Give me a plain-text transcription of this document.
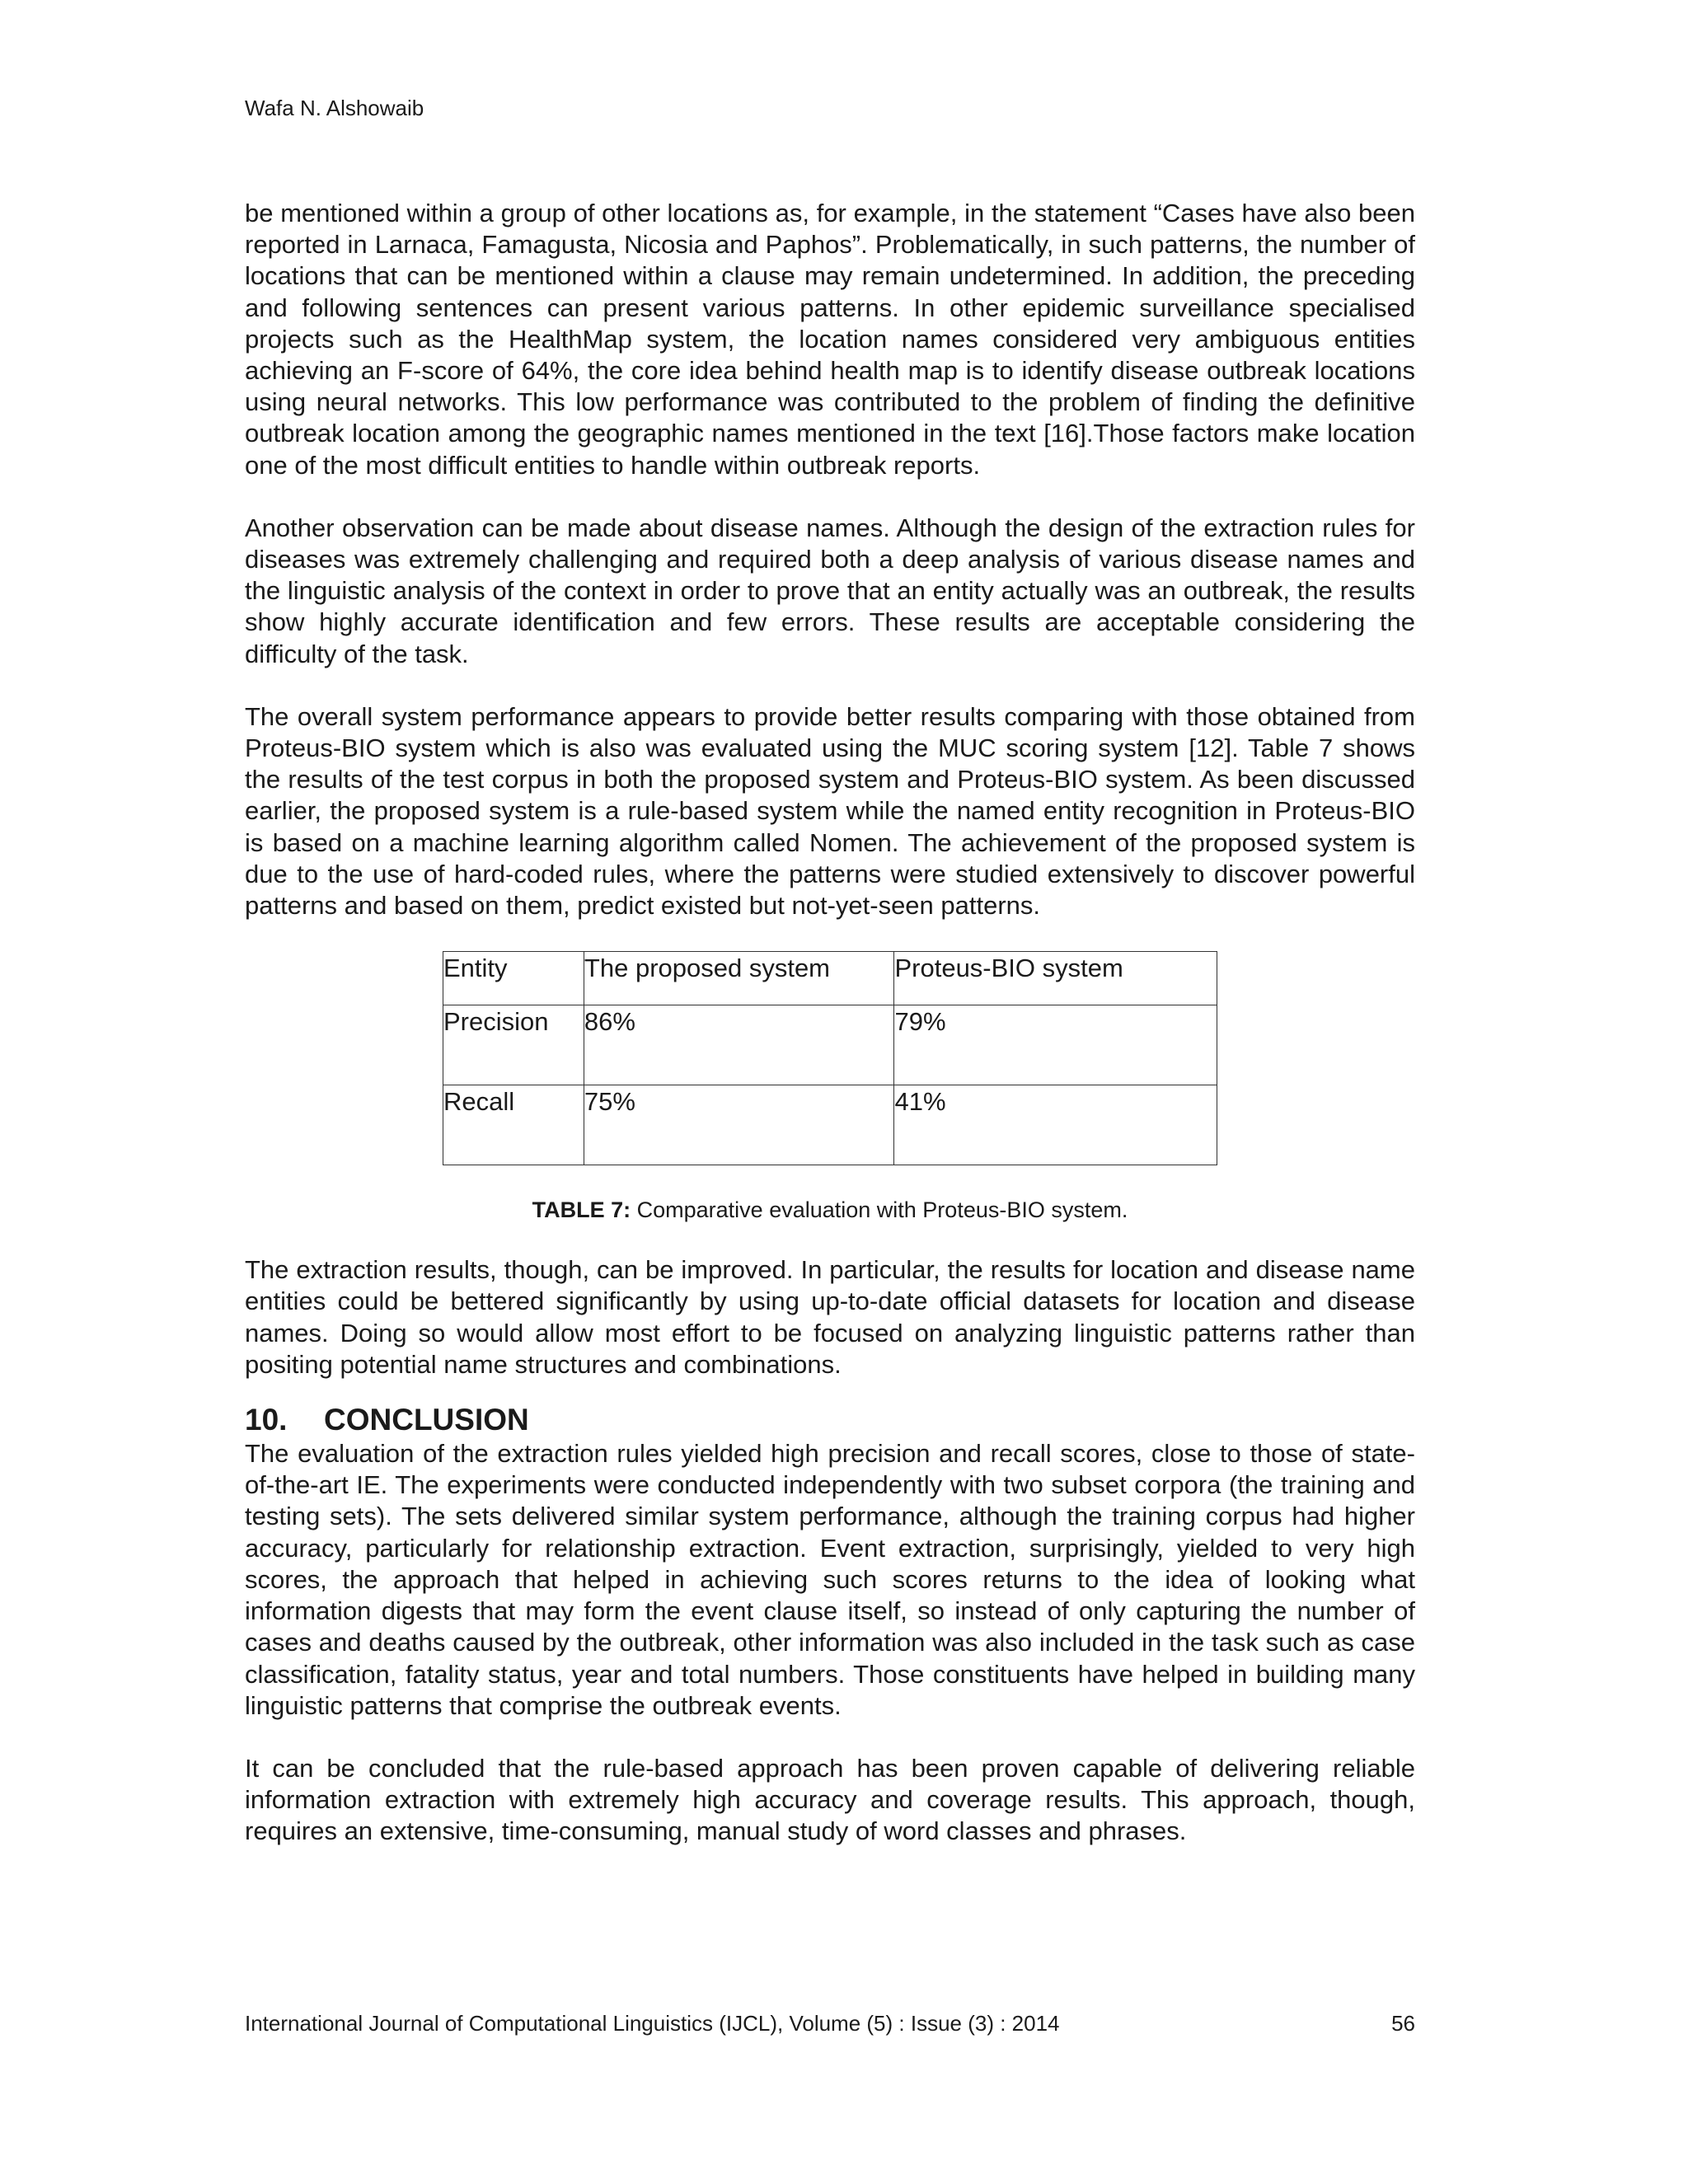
Wafa N. Alshowaib

be mentioned within a group of other locations as, for example, in the statement “Cases have also been reported in Larnaca, Famagusta, Nicosia and Paphos”. Problematically, in such patterns, the number of locations that can be mentioned within a clause may remain undetermined. In addition, the preceding and following sentences can present various patterns. In other epidemic surveillance specialised projects such as the HealthMap system, the location names considered very ambiguous entities achieving an F-score of 64%, the core idea behind health map is to identify disease outbreak locations using neural networks. This low performance was contributed to the problem of finding the definitive outbreak location among the geographic names mentioned in the text [16].Those factors make location one of the most difficult entities to handle within outbreak reports.

Another observation can be made about disease names. Although the design of the extraction rules for diseases was extremely challenging and required both a deep analysis of various disease names and the linguistic analysis of the context in order to prove that an entity actually was an outbreak, the results show highly accurate identification and few errors. These results are acceptable considering the difficulty of the task.

The overall system performance appears to provide better results comparing with those obtained from Proteus-BIO system which is also was evaluated using the MUC scoring system [12]. Table 7 shows the results of the test corpus in both the proposed system and Proteus-BIO system. As been discussed earlier, the proposed system is a rule-based system while the named entity recognition in Proteus-BIO is based on a machine learning algorithm called Nomen. The achievement of the proposed system is due to the use of hard-coded rules, where the patterns were studied extensively to discover powerful patterns and based on them, predict existed but not-yet-seen patterns.

Entity	The proposed system	Proteus-BIO system
Precision	86%	79%
Recall	75%	41%
TABLE 7: Comparative evaluation with Proteus-BIO system.

The extraction results, though, can be improved. In particular, the results for location and disease name entities could be bettered significantly by using up-to-date official datasets for location and disease names. Doing so would allow most effort to be focused on analyzing linguistic patterns rather than positing potential name structures and combinations.

10. CONCLUSION

The evaluation of the extraction rules yielded high precision and recall scores, close to those of state-of-the-art IE. The experiments were conducted independently with two subset corpora (the training and testing sets). The sets delivered similar system performance, although the training corpus had higher accuracy, particularly for relationship extraction. Event extraction, surprisingly, yielded to very high scores, the approach that helped in achieving such scores returns to the idea of looking what information digests that may form the event clause itself, so instead of only capturing the number of cases and deaths caused by the outbreak, other information was also included in the task such as case classification, fatality status, year and total numbers. Those constituents have helped in building many linguistic patterns that comprise the outbreak events.

It can be concluded that the rule-based approach has been proven capable of delivering reliable information extraction with extremely high accuracy and coverage results. This approach, though, requires an extensive, time-consuming, manual study of word classes and phrases.

International Journal of Computational Linguistics (IJCL), Volume (5) : Issue (3) : 2014	56
